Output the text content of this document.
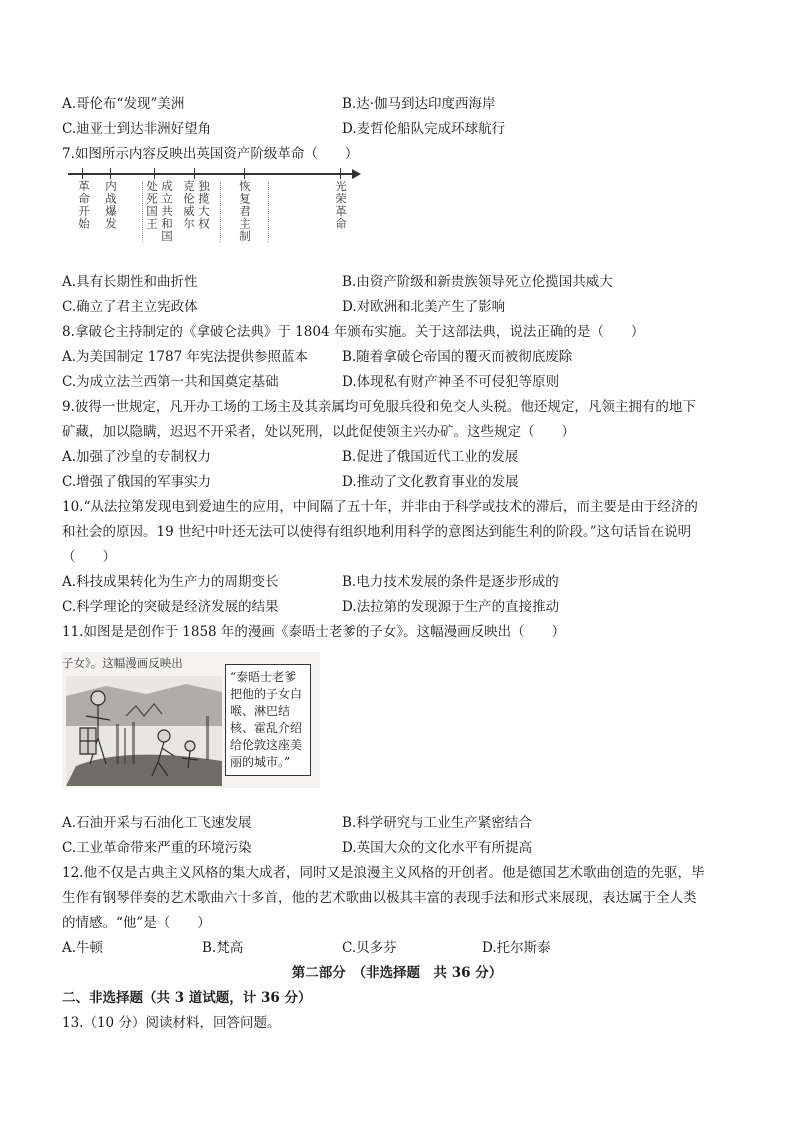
A.哥伦布“发现”美洲	B.达·伽马到达印度西海岸
C.迪亚士到达非洲好望角	D.麦哲伦船队完成环球航行
7.如图所示内容反映出英国资产阶级革命（　　）
革命开始 内战爆发 处死国王 成立共和国 克伦威尔 独揽大权 恢复君主制	光荣革命
A.具有长期性和曲折性	B.由资产阶级和新贵族领导死立伦揽国共威大
C.确立了君主立宪政体	D.对欧洲和北美产生了影响
8.拿破仑主持制定的《拿破仑法典》于 1804 年颁布实施。关于这部法典，说法正确的是（　　）
A.为美国制定 1787 年宪法提供参照蓝本	B.随着拿破仑帝国的覆灭而被彻底废除
C.为成立法兰西第一共和国奠定基础	D.体现私有财产神圣不可侵犯等原则
9.彼得一世规定，凡开办工场的工场主及其亲属均可免服兵役和免交人头税。他还规定，凡领主拥有的地下
矿藏，加以隐瞒，迟迟不开采者，处以死刑，以此促使领主兴办矿。这些规定（　　）
A.加强了沙皇的专制权力	B.促进了俄国近代工业的发展
C.增强了俄国的军事实力	D.推动了文化教育事业的发展
10.“从法拉第发现电到爱迪生的应用，中间隔了五十年，并非由于科学或技术的滞后，而主要是由于经济的
和社会的原因。19 世纪中叶还无法可以使得有组织地利用科学的意图达到能生利的阶段。”这句话旨在说明
（　　）
A.科技成果转化为生产力的周期变长	B.电力技术发展的条件是逐步形成的
C.科学理论的突破是经济发展的结果	D.法拉第的发现源于生产的直接推动
11.如图是是创作于 1858 年的漫画《泰晤士老爹的子女》。这幅漫画反映出（　　）
子女》。这幅漫画反映出
“泰晤士老爹把他的子女白喉、淋巴结核、霍乱介绍给伦敦这座美丽的城市。”
A.石油开采与石油化工飞速发展	B.科学研究与工业生产紧密结合
C.工业革命带来严重的环境污染	D.英国大众的文化水平有所提高
12.他不仅是古典主义风格的集大成者，同时又是浪漫主义风格的开创者。他是德国艺术歌曲创造的先驱，毕
生作有钢琴伴奏的艺术歌曲六十多首，他的艺术歌曲以极其丰富的表现手法和形式来展现，表达属于全人类
的情感。“他”是（　　）
A.牛顿	B.梵高	C.贝多芬	D.托尔斯泰
第二部分　（非选择题　共 36 分）
二、非选择题（共 3 道试题，计 36 分）
13.（10 分）阅读材料，回答问题。
